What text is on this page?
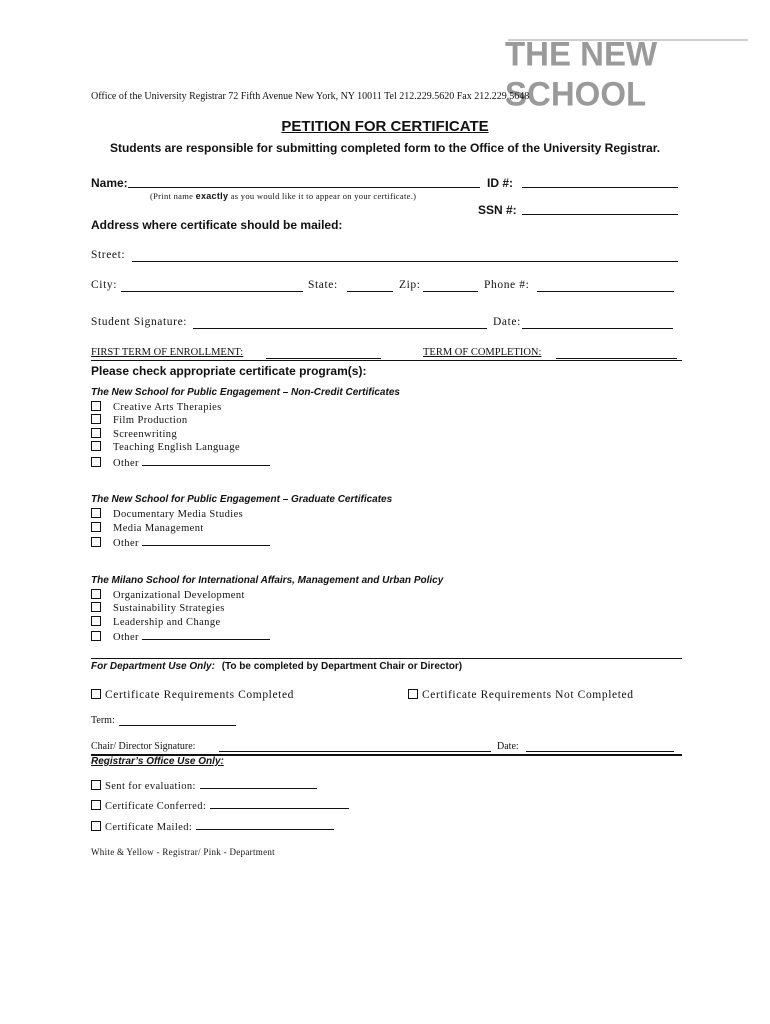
THE NEW SCHOOL
Office of the University Registrar 72 Fifth Avenue New York, NY 10011 Tel 212.229.5620 Fax 212.229.5648
PETITION FOR CERTIFICATE
Students are responsible for submitting completed form to the Office of the University Registrar.
Name:	ID #:
(Print name exactly as you would like it to appear on your certificate.)
SSN #:
Address where certificate should be mailed:
Street:
City:	State:	Zip:	Phone #:
Student Signature:	Date:
FIRST TERM OF ENROLLMENT:	TERM OF COMPLETION:
Please check appropriate certificate program(s):
The New School for Public Engagement – Non-Credit Certificates
Creative Arts Therapies
Film Production
Screenwriting
Teaching English Language
Other
The New School for Public Engagement – Graduate Certificates
Documentary Media Studies
Media Management
Other
The Milano School for International Affairs, Management and Urban Policy
Organizational Development
Sustainability Strategies
Leadership and Change
Other
For Department Use Only: (To be completed by Department Chair or Director)
Certificate Requirements Completed	Certificate Requirements Not Completed
Term:
Chair/ Director Signature:	Date:
Registrar’s Office Use Only:
Sent for evaluation:
Certificate Conferred:
Certificate Mailed:
White & Yellow - Registrar/ Pink - Department
